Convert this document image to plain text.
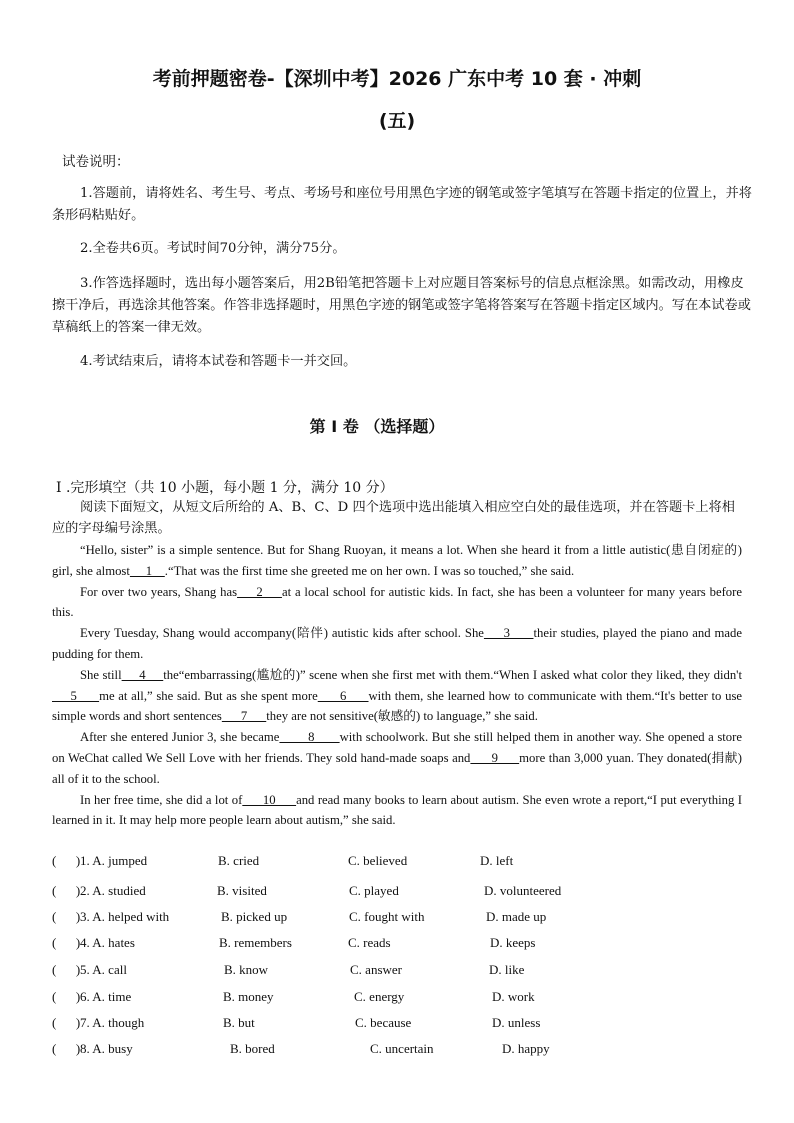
考前押题密卷-【深圳中考】2026 广东中考 10 套 · 冲刺
(五)
试卷说明：
1.答题前，请将姓名、考生号、考点、考场号和座位号用黑色字迹的钢笔或签字笔填写在答题卡指定的位置上，并将条形码粘贴好。
2.全卷共6页。考试时间70分钟，满分75分。
3.作答选择题时，选出每小题答案后，用2B铅笔把答题卡上对应题目答案标号的信息点框涂黑。如需改动，用橡皮擦干净后，再选涂其他答案。作答非选择题时，用黑色字迹的钢笔或签字笔将答案写在答题卡指定区域内。写在本试卷或草稿纸上的答案一律无效。
4.考试结束后，请将本试卷和答题卡一并交回。
第 I 卷 （选择题）
I .完形填空（共 10 小题，每小题 1 分，满分 10 分）
阅读下面短文，从短文后所给的 A、B、C、D 四个选项中选出能填入相应空白处的最佳选项，并在答题卡上将相应的字母编号涂黑。

“Hello, sister” is a simple sentence. But for Shang Ruoyan, it means a lot. When she heard it from a little autistic(患自闭症的) girl, she almost     1    .“That was the first time she greeted me on her own. I was so touched,” she said.

For over two years, Shang has     2     at a local school for autistic kids. In fact, she has been a volunteer for many years before this.

Every Tuesday, Shang would accompany(陪伴) autistic kids after school. She     3      their studies, played the piano and made pudding for them.

She still     4     the“embarrassing(尴尬的)” scene when she first met with them.“When I asked what color they liked, they didn't     5      me at all,” she said. But as she spent more      6      with them, she learned how to communicate with them.“It's better to use simple words and short sentences      7      they are not sensitive(敏感的) to language,” she said.

After she entered Junior 3, she became        8       with schoolwork. But she still helped them in another way. She opened a store on WeChat called We Sell Love with her friends. They sold hand-made soaps and      9      more than 3,000 yuan. They donated(捐献) all of it to the school.

In her free time, she did a lot of      10      and read many books to learn about autism. She even wrote a report,“I put everything I learned in it. It may help more people learn about autism,” she said.

(      ) 1. A. jumped	B. cried	C. believed	D. left
(      ) 2. A. studied	B. visited	C. played	D. volunteered
(      ) 3. A. helped with	B. picked up	C. fought with	D. made up
(      ) 4. A. hates	B. remembers	C. reads	D. keeps
(      ) 5. A. call	B. know	C. answer	D. like
(      ) 6. A. time	B. money	C. energy	D. work
(      ) 7. A. though	B. but	C. because	D. unless
(      ) 8. A. busy	B. bored	C. uncertain	D. happy
